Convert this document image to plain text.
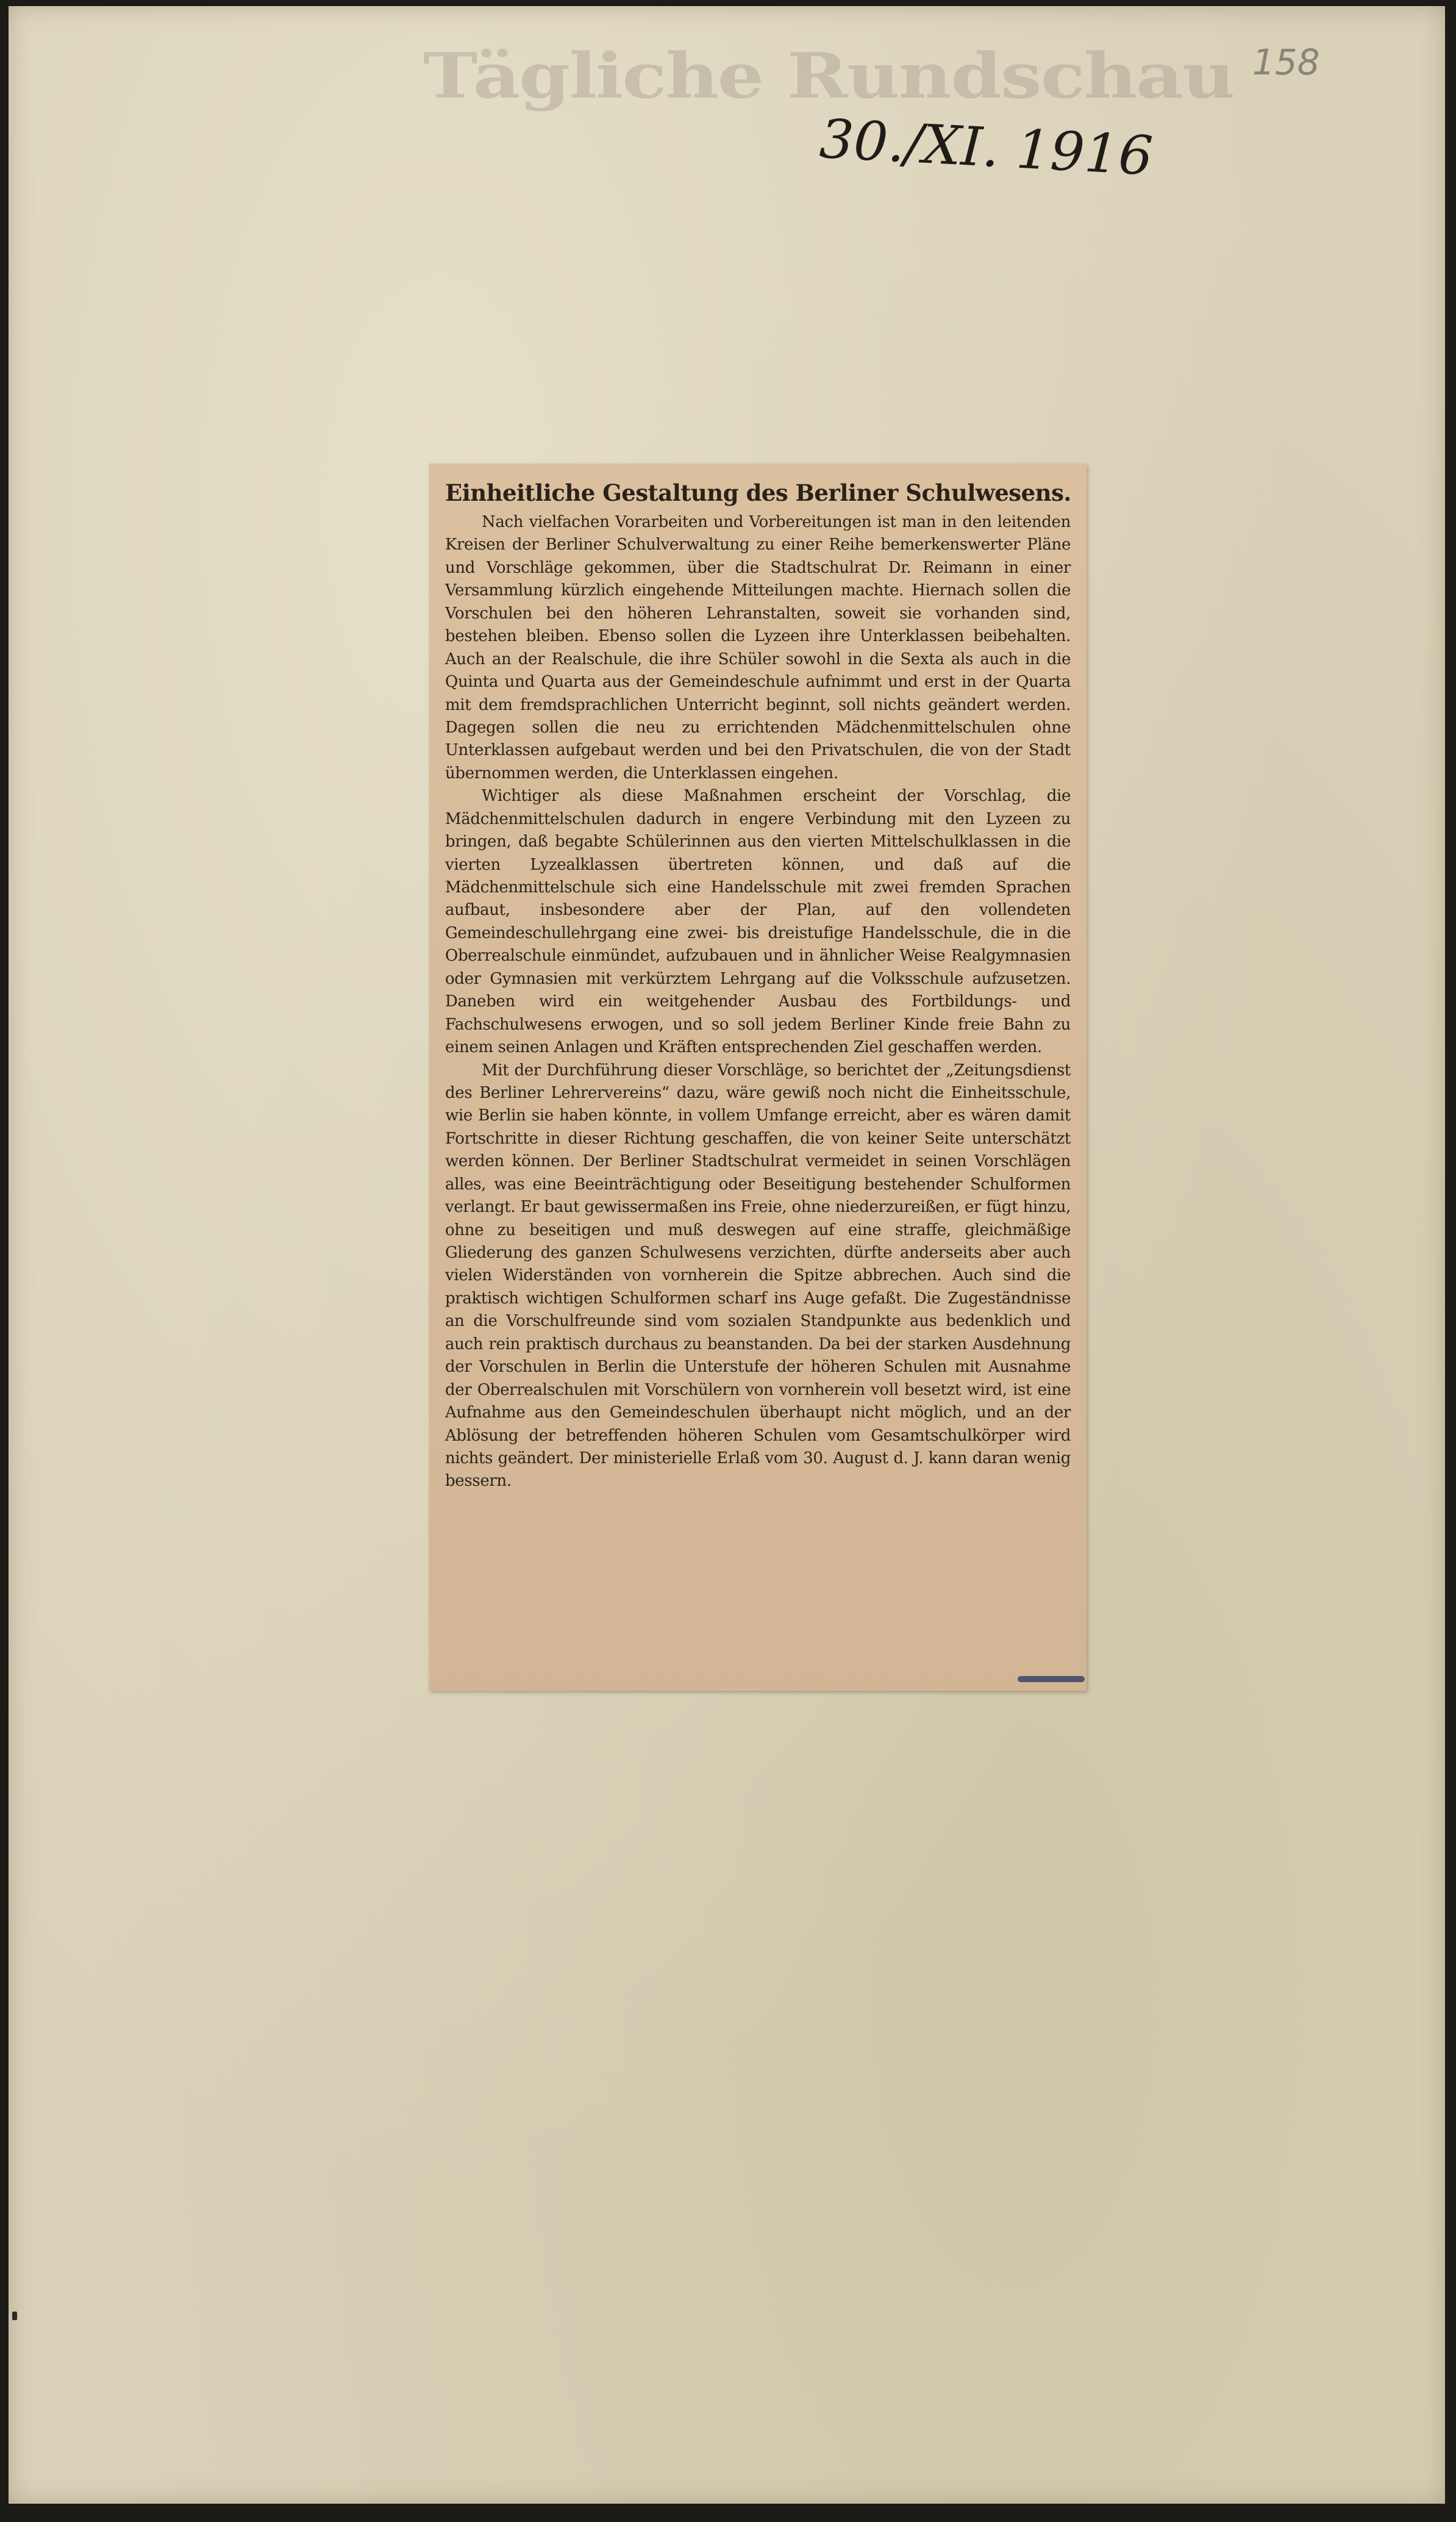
Tägliche Rundschau 158
30./XI. 1916
Einheitliche Gestaltung des Berliner Schulwesens.

Nach vielfachen Vorarbeiten und Vorbereitungen ist man in den leitenden Kreisen der Berliner Schulverwaltung zu einer Reihe bemerkenswerter Pläne und Vorschläge gekommen, über die Stadtschulrat Dr. Reimann in einer Versammlung kürzlich eingehende Mitteilungen machte. Hiernach sollen die Vorschulen bei den höheren Lehranstalten, soweit sie vorhanden sind, bestehen bleiben. Ebenso sollen die Lyzeen ihre Unterklassen beibehalten. Auch an der Realschule, die ihre Schüler sowohl in die Sexta als auch in die Quinta und Quarta aus der Gemeindeschule aufnimmt und erst in der Quarta mit dem fremdsprachlichen Unterricht beginnt, soll nichts geändert werden. Dagegen sollen die neu zu errichtenden Mädchenmittelschulen ohne Unterklassen aufgebaut werden und bei den Privatschulen, die von der Stadt übernommen werden, die Unterklassen eingehen.

Wichtiger als diese Maßnahmen erscheint der Vorschlag, die Mädchenmittelschulen dadurch in engere Verbindung mit den Lyzeen zu bringen, daß begabte Schülerinnen aus den vierten Mittelschulklassen in die vierten Lyzealklassen übertreten können, und daß auf die Mädchenmittelschule sich eine Handelsschule mit zwei fremden Sprachen aufbaut, insbesondere aber der Plan, auf den vollendeten Gemeindeschullehrgang eine zwei- bis dreistufige Handelsschule, die in die Oberrealschule einmündet, aufzubauen und in ähnlicher Weise Realgymnasien oder Gymnasien mit verkürztem Lehrgang auf die Volksschule aufzusetzen. Daneben wird ein weitgehender Ausbau des Fortbildungs- und Fachschulwesens erwogen, und so soll jedem Berliner Kinde freie Bahn zu einem seinen Anlagen und Kräften entsprechenden Ziel geschaffen werden.

Mit der Durchführung dieser Vorschläge, so berichtet der „Zeitungsdienst des Berliner Lehrervereins“ dazu, wäre gewiß noch nicht die Einheitsschule, wie Berlin sie haben könnte, in vollem Umfange erreicht, aber es wären damit Fortschritte in dieser Richtung geschaffen, die von keiner Seite unterschätzt werden können. Der Berliner Stadtschulrat vermeidet in seinen Vorschlägen alles, was eine Beeinträchtigung oder Beseitigung bestehender Schulformen verlangt. Er baut gewissermaßen ins Freie, ohne niederzureißen, er fügt hinzu, ohne zu beseitigen und muß deswegen auf eine straffe, gleichmäßige Gliederung des ganzen Schulwesens verzichten, dürfte anderseits aber auch vielen Widerständen von vornherein die Spitze abbrechen. Auch sind die praktisch wichtigen Schulformen scharf ins Auge gefaßt. Die Zugeständnisse an die Vorschulfreunde sind vom sozialen Standpunkte aus bedenklich und auch rein praktisch durchaus zu beanstanden. Da bei der starken Ausdehnung der Vorschulen in Berlin die Unterstufe der höheren Schulen mit Ausnahme der Oberrealschulen mit Vorschülern von vornherein voll besetzt wird, ist eine Aufnahme aus den Gemeindeschulen überhaupt nicht möglich, und an der Ablösung der betreffenden höheren Schulen vom Gesamtschulkörper wird nichts geändert. Der ministerielle Erlaß vom 30. August d. J. kann daran wenig bessern.
